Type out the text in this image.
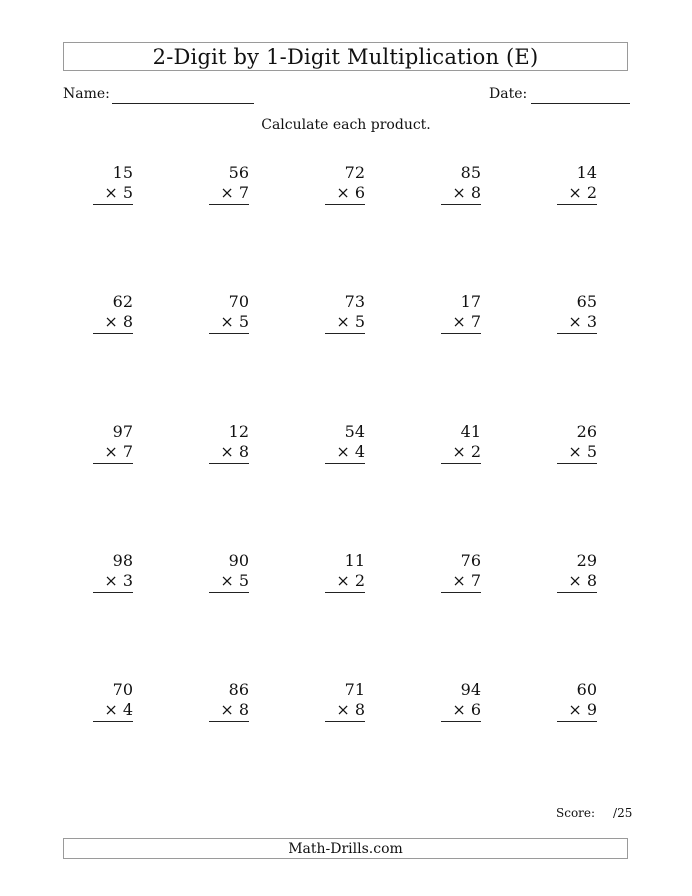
2-Digit by 1-Digit Multiplication (E)
Name:	Date:
Calculate each product.
15
× 5
56
× 7
72
× 6
85
× 8
14
× 2
62
× 8
70
× 5
73
× 5
17
× 7
65
× 3
97
× 7
12
× 8
54
× 4
41
× 2
26
× 5
98
× 3
90
× 5
11
× 2
76
× 7
29
× 8
70
× 4
86
× 8
71
× 8
94
× 6
60
× 9
Score: /25
Math-Drills.com
